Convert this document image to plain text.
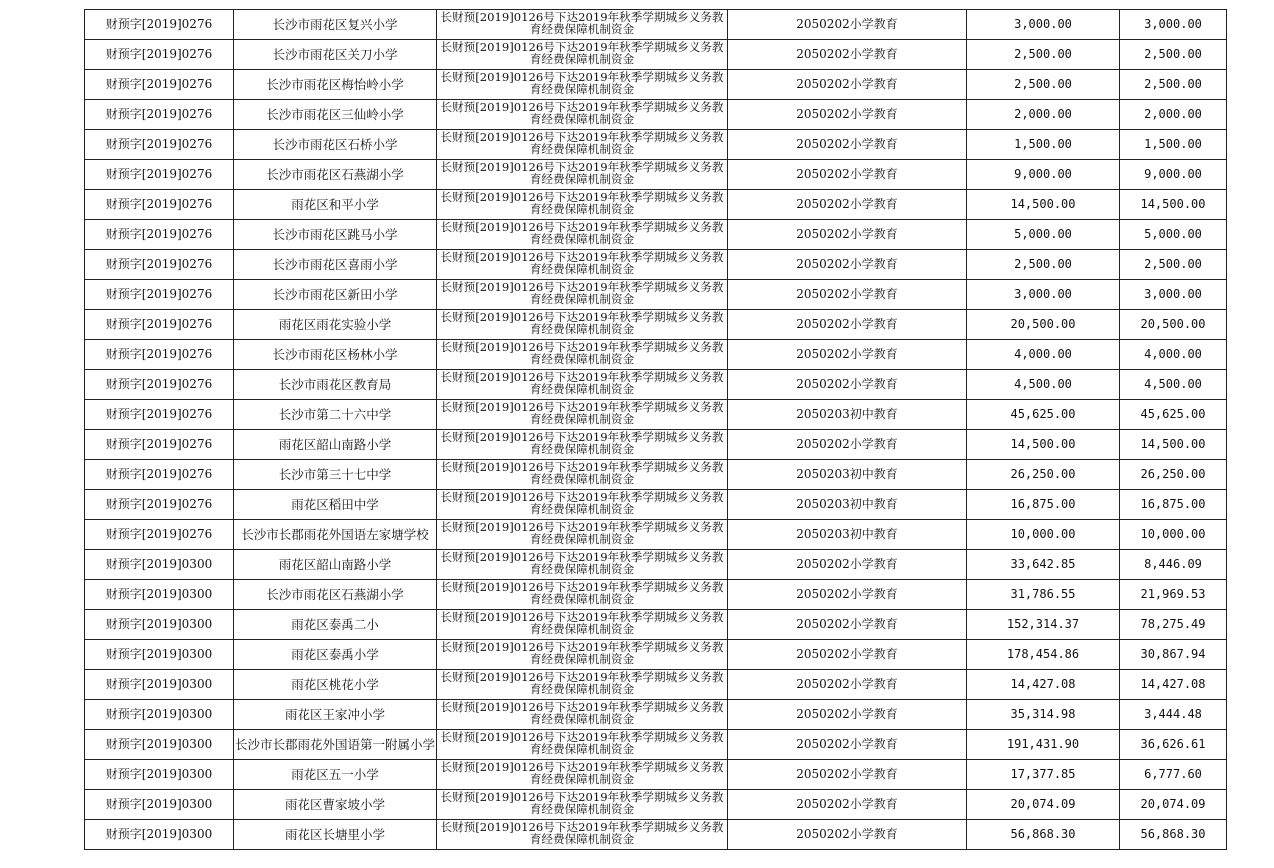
财预字[2019]0276	长沙市雨花区复兴小学	长财预[2019]0126号下达2019年秋季学期城乡义务教育经费保障机制资金	2050202小学教育	3,000.00	3,000.00
财预字[2019]0276	长沙市雨花区关刀小学	长财预[2019]0126号下达2019年秋季学期城乡义务教育经费保障机制资金	2050202小学教育	2,500.00	2,500.00
财预字[2019]0276	长沙市雨花区梅怡岭小学	长财预[2019]0126号下达2019年秋季学期城乡义务教育经费保障机制资金	2050202小学教育	2,500.00	2,500.00
财预字[2019]0276	长沙市雨花区三仙岭小学	长财预[2019]0126号下达2019年秋季学期城乡义务教育经费保障机制资金	2050202小学教育	2,000.00	2,000.00
财预字[2019]0276	长沙市雨花区石桥小学	长财预[2019]0126号下达2019年秋季学期城乡义务教育经费保障机制资金	2050202小学教育	1,500.00	1,500.00
财预字[2019]0276	长沙市雨花区石燕湖小学	长财预[2019]0126号下达2019年秋季学期城乡义务教育经费保障机制资金	2050202小学教育	9,000.00	9,000.00
财预字[2019]0276	雨花区和平小学	长财预[2019]0126号下达2019年秋季学期城乡义务教育经费保障机制资金	2050202小学教育	14,500.00	14,500.00
财预字[2019]0276	长沙市雨花区跳马小学	长财预[2019]0126号下达2019年秋季学期城乡义务教育经费保障机制资金	2050202小学教育	5,000.00	5,000.00
财预字[2019]0276	长沙市雨花区喜雨小学	长财预[2019]0126号下达2019年秋季学期城乡义务教育经费保障机制资金	2050202小学教育	2,500.00	2,500.00
财预字[2019]0276	长沙市雨花区新田小学	长财预[2019]0126号下达2019年秋季学期城乡义务教育经费保障机制资金	2050202小学教育	3,000.00	3,000.00
财预字[2019]0276	雨花区雨花实验小学	长财预[2019]0126号下达2019年秋季学期城乡义务教育经费保障机制资金	2050202小学教育	20,500.00	20,500.00
财预字[2019]0276	长沙市雨花区杨林小学	长财预[2019]0126号下达2019年秋季学期城乡义务教育经费保障机制资金	2050202小学教育	4,000.00	4,000.00
财预字[2019]0276	长沙市雨花区教育局	长财预[2019]0126号下达2019年秋季学期城乡义务教育经费保障机制资金	2050202小学教育	4,500.00	4,500.00
财预字[2019]0276	长沙市第二十六中学	长财预[2019]0126号下达2019年秋季学期城乡义务教育经费保障机制资金	2050203初中教育	45,625.00	45,625.00
财预字[2019]0276	雨花区韶山南路小学	长财预[2019]0126号下达2019年秋季学期城乡义务教育经费保障机制资金	2050202小学教育	14,500.00	14,500.00
财预字[2019]0276	长沙市第三十七中学	长财预[2019]0126号下达2019年秋季学期城乡义务教育经费保障机制资金	2050203初中教育	26,250.00	26,250.00
财预字[2019]0276	雨花区稻田中学	长财预[2019]0126号下达2019年秋季学期城乡义务教育经费保障机制资金	2050203初中教育	16,875.00	16,875.00
财预字[2019]0276	长沙市长郡雨花外国语左家塘学校	长财预[2019]0126号下达2019年秋季学期城乡义务教育经费保障机制资金	2050203初中教育	10,000.00	10,000.00
财预字[2019]0300	雨花区韶山南路小学	长财预[2019]0126号下达2019年秋季学期城乡义务教育经费保障机制资金	2050202小学教育	33,642.85	8,446.09
财预字[2019]0300	长沙市雨花区石燕湖小学	长财预[2019]0126号下达2019年秋季学期城乡义务教育经费保障机制资金	2050202小学教育	31,786.55	21,969.53
财预字[2019]0300	雨花区泰禹二小	长财预[2019]0126号下达2019年秋季学期城乡义务教育经费保障机制资金	2050202小学教育	152,314.37	78,275.49
财预字[2019]0300	雨花区泰禹小学	长财预[2019]0126号下达2019年秋季学期城乡义务教育经费保障机制资金	2050202小学教育	178,454.86	30,867.94
财预字[2019]0300	雨花区桃花小学	长财预[2019]0126号下达2019年秋季学期城乡义务教育经费保障机制资金	2050202小学教育	14,427.08	14,427.08
财预字[2019]0300	雨花区王家冲小学	长财预[2019]0126号下达2019年秋季学期城乡义务教育经费保障机制资金	2050202小学教育	35,314.98	3,444.48
财预字[2019]0300	长沙市长郡雨花外国语第一附属小学	长财预[2019]0126号下达2019年秋季学期城乡义务教育经费保障机制资金	2050202小学教育	191,431.90	36,626.61
财预字[2019]0300	雨花区五一小学	长财预[2019]0126号下达2019年秋季学期城乡义务教育经费保障机制资金	2050202小学教育	17,377.85	6,777.60
财预字[2019]0300	雨花区曹家坡小学	长财预[2019]0126号下达2019年秋季学期城乡义务教育经费保障机制资金	2050202小学教育	20,074.09	20,074.09
财预字[2019]0300	雨花区长塘里小学	长财预[2019]0126号下达2019年秋季学期城乡义务教育经费保障机制资金	2050202小学教育	56,868.30	56,868.30
